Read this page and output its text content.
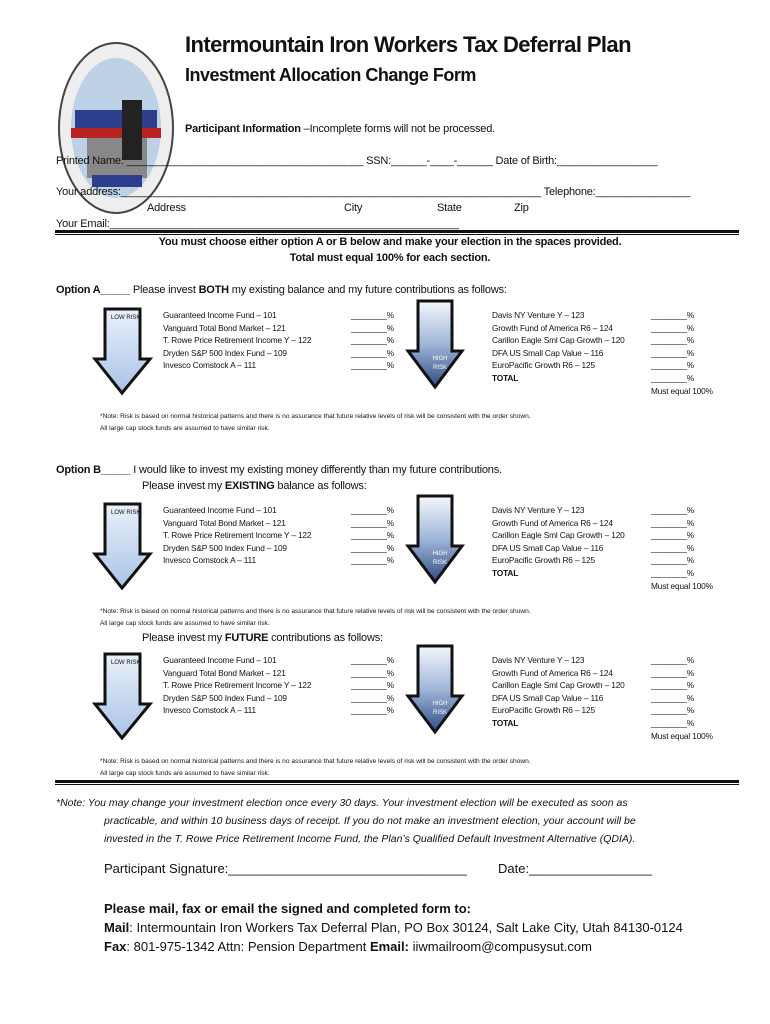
Intermountain Iron Workers Tax Deferral Plan
Investment Allocation Change Form
Participant Information –Incomplete forms will not be processed.
Printed Name: ________________________________________ SSN:______-____-______ Date of Birth:_________________
Your address:_______________________________________________________________________ Telephone:________________
Address	City	State	Zip
Your Email:___________________________________________________________
You must choose either option A or B below and make your election in the spaces provided.
Total must equal 100% for each section.
Option A_____ Please invest BOTH my existing balance and my future contributions as follows:
Option B_____ I would like to invest my existing money differently than my future contributions.
Please invest my EXISTING balance as follows:
Please invest my FUTURE contributions as follows:
*Note: You may change your investment election once every 30 days. Your investment election will be executed as soon as
practicable, and within 10 business days of receipt. If you do not make an investment election, your account will be
invested in the T. Rowe Price Retirement Income Fund, the Plan’s Qualified Default Investment Alternative (QDIA).
Participant Signature:_________________________________ Date:_________________
Please mail, fax or email the signed and completed form to:
Mail: Intermountain Iron Workers Tax Deferral Plan, PO Box 30124, Salt Lake City, Utah 84130-0124
Fax: 801-975-1342 Attn: Pension Department Email: iiwmailroom@compusysut.com
LOW RISK
HIGH RISK
Guaranteed Income Fund – 101	________%
Vanguard Total Bond Market – 121	________%
T. Rowe Price Retirement Income Y – 122	________%
Dryden S&P 500 Index Fund – 109	________%
Invesco Comstock A – 111	________%
Davis NY Venture Y – 123	________%
Growth Fund of America R6 – 124	________%
Carillon Eagle Sml Cap Growth – 120	________%
DFA US Small Cap Value – 116	________%
EuroPacific Growth R6 – 125	________%
TOTAL	________%
Must equal 100%
*Note: Risk is based on normal historical patterns and there is no assurance that future relative levels of risk will be consistent with the order shown.
All large cap stock funds are assumed to have similar risk.
LOW RISK
HIGH RISK
Guaranteed Income Fund – 101	________%
Vanguard Total Bond Market – 121	________%
T. Rowe Price Retirement Income Y – 122	________%
Dryden S&P 500 Index Fund – 109	________%
Invesco Comstock A – 111	________%
Davis NY Venture Y – 123	________%
Growth Fund of America R6 – 124	________%
Carillon Eagle Sml Cap Growth – 120	________%
DFA US Small Cap Value – 116	________%
EuroPacific Growth R6 – 125	________%
TOTAL	________%
Must equal 100%
*Note: Risk is based on normal historical patterns and there is no assurance that future relative levels of risk will be consistent with the order shown.
All large cap stock funds are assumed to have similar risk.
LOW RISK
HIGH RISK
Guaranteed Income Fund – 101	________%
Vanguard Total Bond Market – 121	________%
T. Rowe Price Retirement Income Y – 122	________%
Dryden S&P 500 Index Fund – 109	________%
Invesco Comstock A – 111	________%
Davis NY Venture Y – 123	________%
Growth Fund of America R6 – 124	________%
Carillon Eagle Sml Cap Growth – 120	________%
DFA US Small Cap Value – 116	________%
EuroPacific Growth R6 – 125	________%
TOTAL	________%
Must equal 100%
*Note: Risk is based on normal historical patterns and there is no assurance that future relative levels of risk will be consistent with the order shown.
All large cap stock funds are assumed to have similar risk.
